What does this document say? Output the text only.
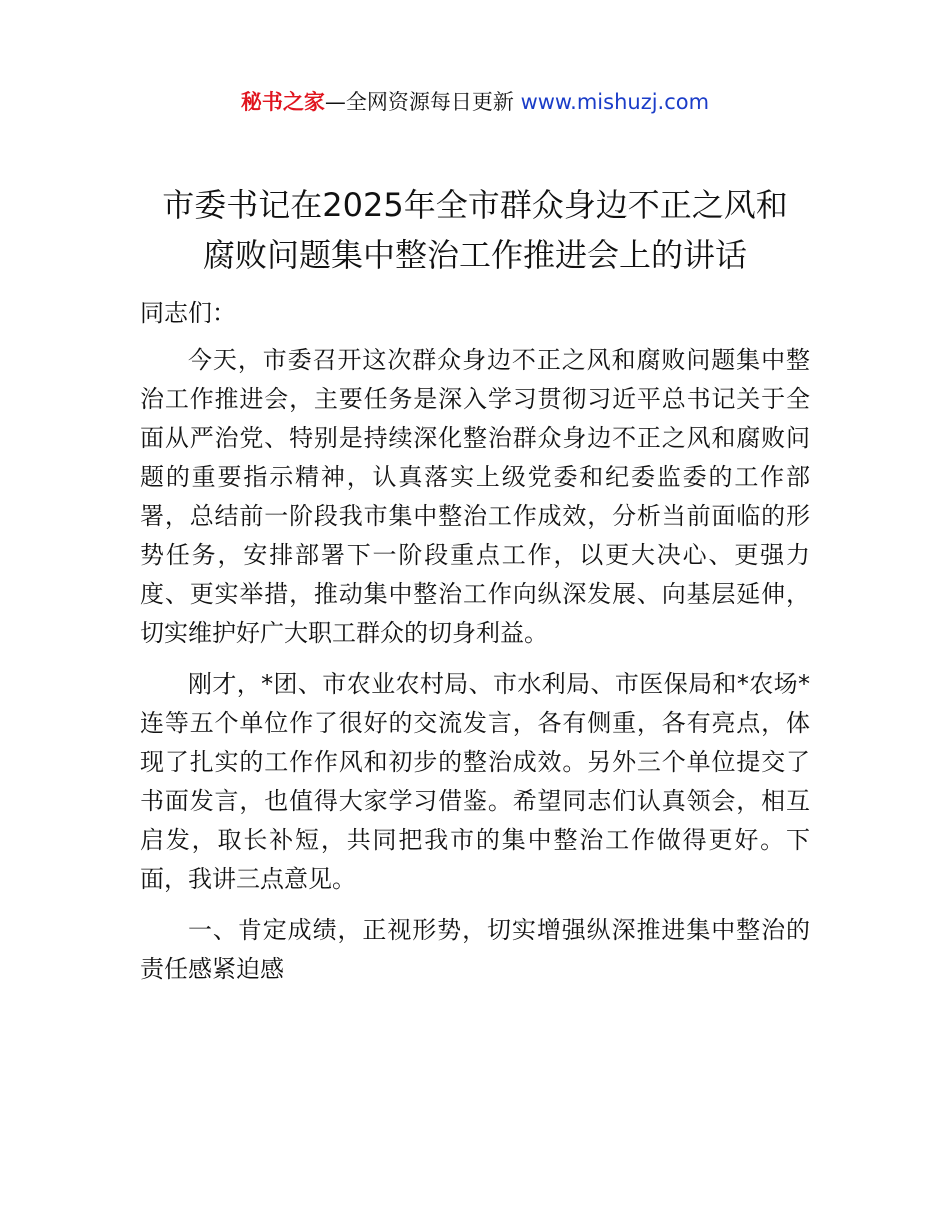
秘书之家—全网资源每日更新 www.mishuzj.com
市委书记在2025年全市群众身边不正之风和
腐败问题集中整治工作推进会上的讲话

同志们：

今天，市委召开这次群众身边不正之风和腐败问题集中整治工作推进会，主要任务是深入学习贯彻习近平总书记关于全面从严治党、特别是持续深化整治群众身边不正之风和腐败问题的重要指示精神，认真落实上级党委和纪委监委的工作部署，总结前一阶段我市集中整治工作成效，分析当前面临的形势任务，安排部署下一阶段重点工作，以更大决心、更强力度、更实举措，推动集中整治工作向纵深发展、向基层延伸，切实维护好广大职工群众的切身利益。

刚才，*团、市农业农村局、市水利局、市医保局和*农场*连等五个单位作了很好的交流发言，各有侧重，各有亮点，体现了扎实的工作作风和初步的整治成效。另外三个单位提交了书面发言，也值得大家学习借鉴。希望同志们认真领会，相互启发，取长补短，共同把我市的集中整治工作做得更好。下面，我讲三点意见。

一、肯定成绩，正视形势，切实增强纵深推进集中整治的责任感紧迫感
